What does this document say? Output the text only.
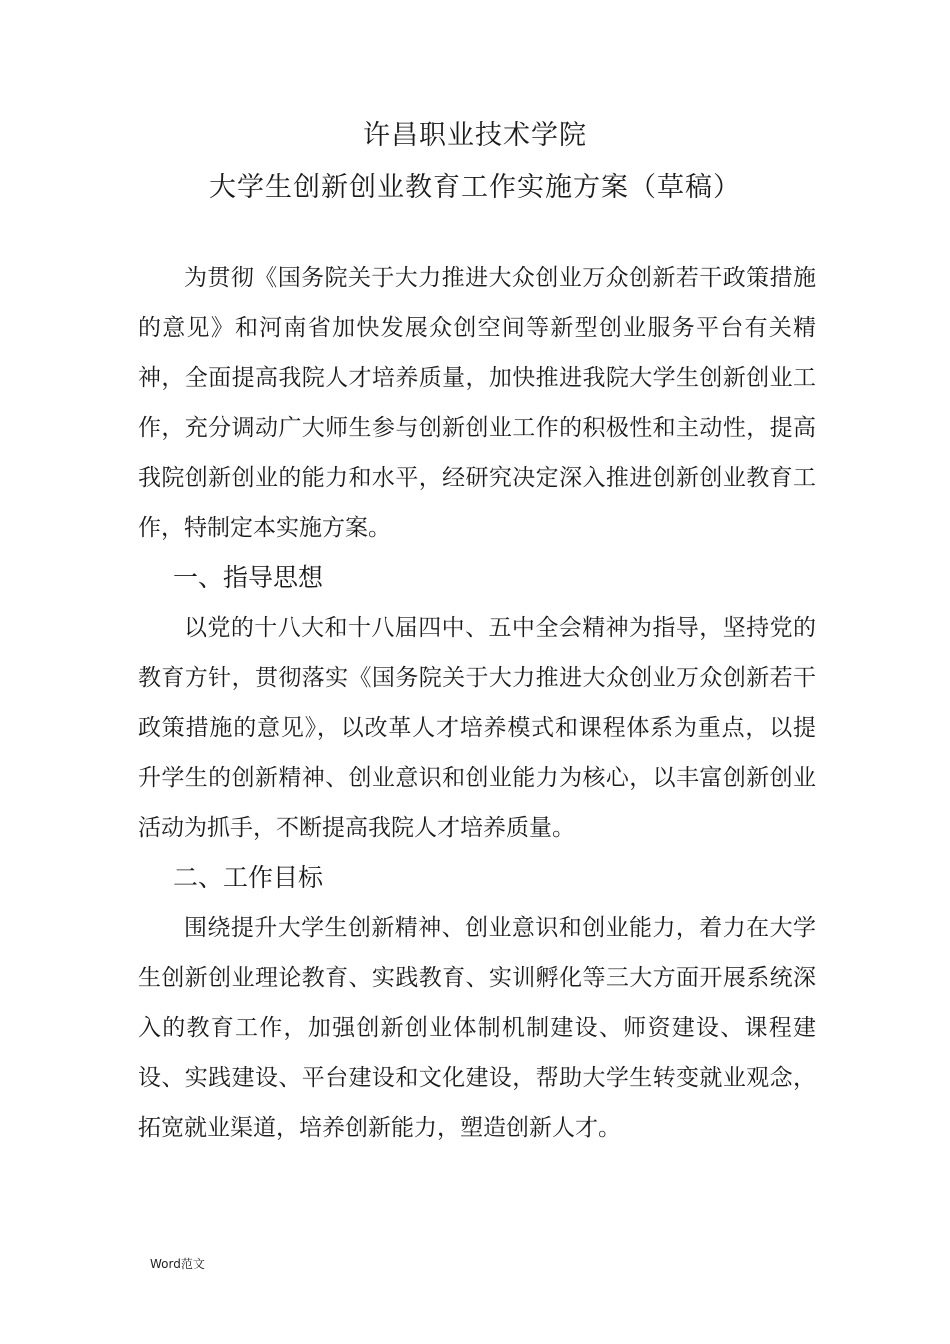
许昌职业技术学院
大学生创新创业教育工作实施方案（草稿）

为贯彻《国务院关于大力推进大众创业万众创新若干政策措施的意见》和河南省加快发展众创空间等新型创业服务平台有关精神，全面提高我院人才培养质量，加快推进我院大学生创新创业工作，充分调动广大师生参与创新创业工作的积极性和主动性，提高我院创新创业的能力和水平，经研究决定深入推进创新创业教育工作，特制定本实施方案。

一、指导思想

以党的十八大和十八届四中、五中全会精神为指导，坚持党的教育方针，贯彻落实《国务院关于大力推进大众创业万众创新若干政策措施的意见》，以改革人才培养模式和课程体系为重点，以提升学生的创新精神、创业意识和创业能力为核心，以丰富创新创业活动为抓手，不断提高我院人才培养质量。

二、工作目标

围绕提升大学生创新精神、创业意识和创业能力，着力在大学生创新创业理论教育、实践教育、实训孵化等三大方面开展系统深入的教育工作，加强创新创业体制机制建设、师资建设、课程建设、实践建设、平台建设和文化建设，帮助大学生转变就业观念，拓宽就业渠道，培养创新能力，塑造创新人才。

Word范文
